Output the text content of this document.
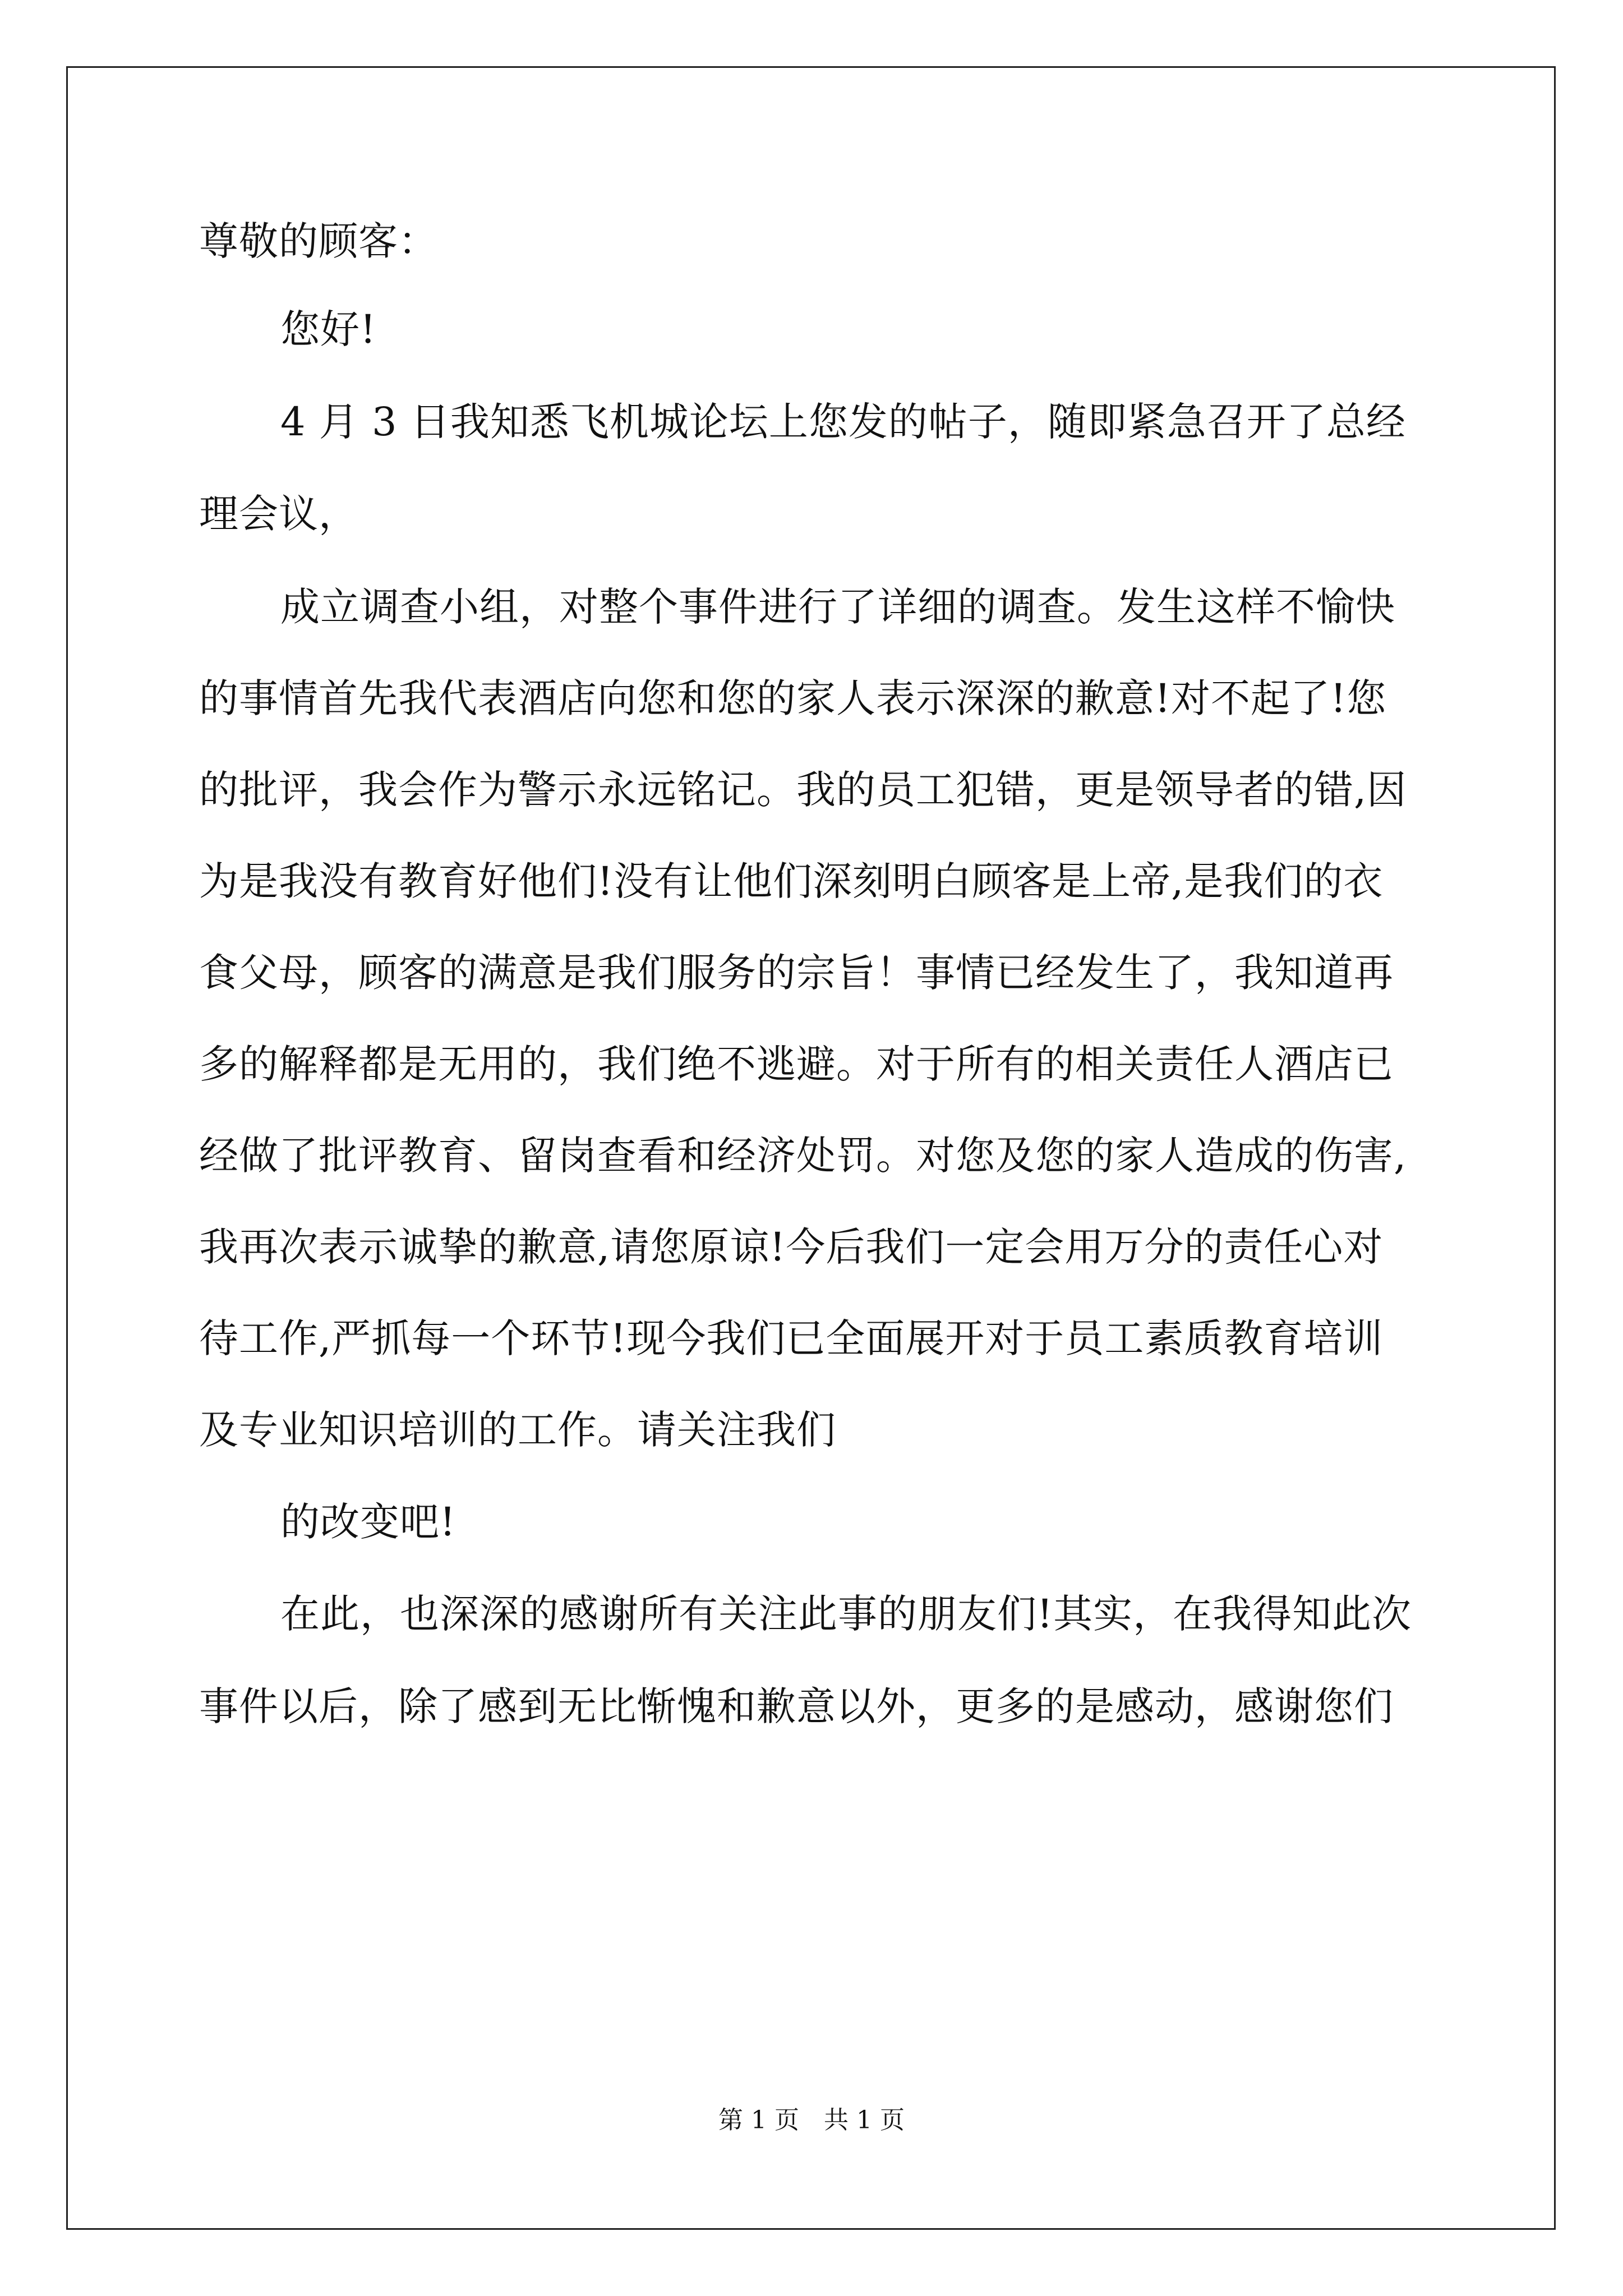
尊敬的顾客：
您好!
4 月 3 日我知悉飞机城论坛上您发的帖子，随即紧急召开了总经
理会议，
成立调查小组，对整个事件进行了详细的调查。发生这样不愉快
的事情首先我代表酒店向您和您的家人表示深深的歉意!对不起了!您
的批评，我会作为警示永远铭记。我的员工犯错，更是领导者的错,因
为是我没有教育好他们!没有让他们深刻明白顾客是上帝,是我们的衣
食父母，顾客的满意是我们服务的宗旨！事情已经发生了，我知道再
多的解释都是无用的，我们绝不逃避。对于所有的相关责任人酒店已
经做了批评教育、留岗查看和经济处罚。对您及您的家人造成的伤害,
我再次表示诚挚的歉意,请您原谅!今后我们一定会用万分的责任心对
待工作,严抓每一个环节!现今我们已全面展开对于员工素质教育培训
及专业知识培训的工作。请关注我们
的改变吧!
在此，也深深的感谢所有关注此事的朋友们!其实，在我得知此次
事件以后，除了感到无比惭愧和歉意以外，更多的是感动，感谢您们
第 1 页　共 1 页
